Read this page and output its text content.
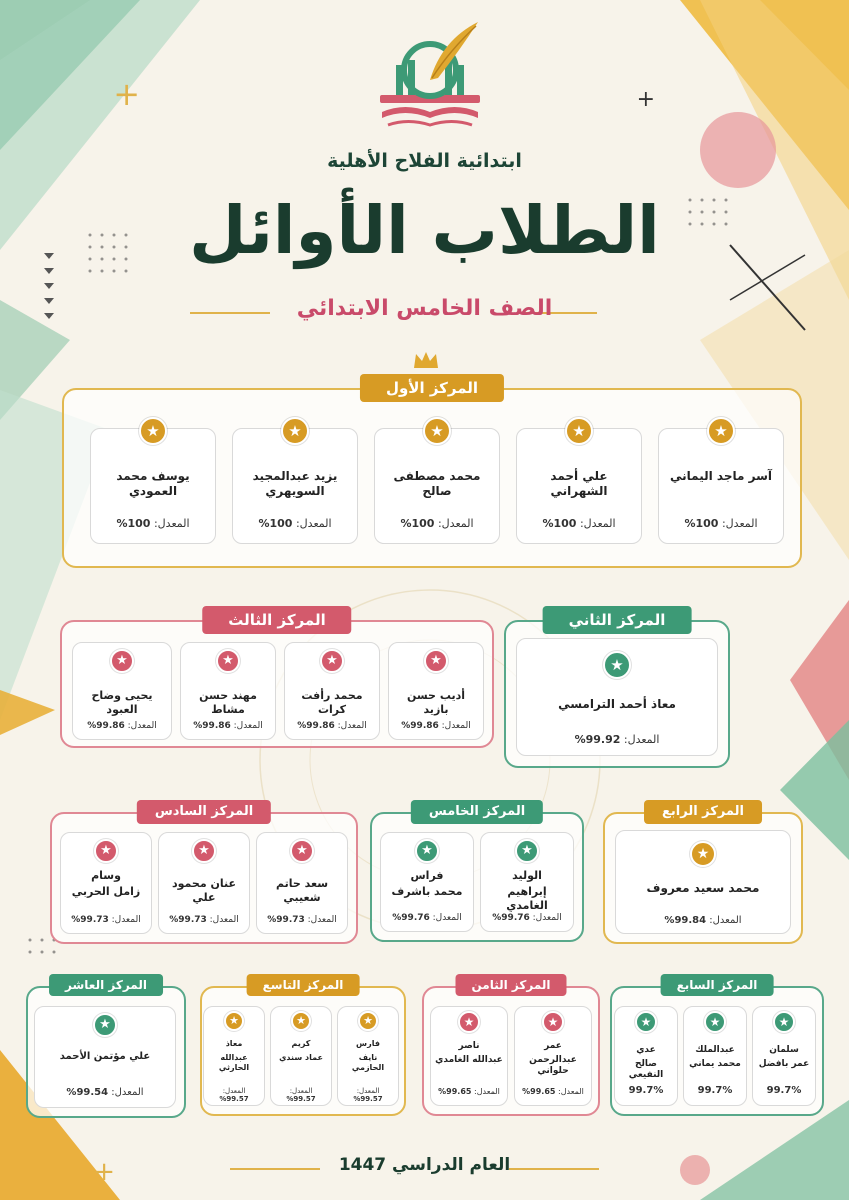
+
+
+
ابتدائية الفلاح الأهلية
الطلاب الأوائل
الصف الخامس الابتدائي
المركز الأول
★
آسر ماجد اليماني
المعدل: 100%
★
علي أحمد الشهراني
المعدل: 100%
★
محمد مصطفى صالح
المعدل: 100%
★
يزيد عبدالمجيد السويهري
المعدل: 100%
★
يوسف محمد العمودي
المعدل: 100%
المركز الثاني
★
معاذ أحمد الترامسي
المعدل: 99.92%
المركز الثالث
★
أديب حسن بازيد
المعدل: 99.86%
★
محمد رأفت كرات
المعدل: 99.86%
★
مهند حسن مشاط
المعدل: 99.86%
★
يحيى وضاح العبود
المعدل: 99.86%
المركز الرابع
★
محمد سعيد معروف
المعدل: 99.84%
المركز الخامس
★
الوليد
إبراهيم الغامدي
المعدل: 99.76%
★
فراس
محمد باشرف
المعدل: 99.76%
المركز السادس
★
سعد حاتم شعيبي
المعدل: 99.73%
★
عنان محمود علي
المعدل: 99.73%
★
وسام
زامل الحربي
المعدل: 99.73%
المركز السابع
★
سلمان
عمر بافضل
99.7%
★
عبدالملك
محمد يماني
99.7%
★
عدي
صالح النفيعي
99.7%
المركز الثامن
★
عمر
عبدالرحمن حلواني
المعدل: 99.65%
★
ناصر
عبدالله الغامدي
المعدل: 99.65%
المركز التاسع
★
فارس
نايف الحازمي
المعدل: 99.57%
★
كريم
عماد سندي
المعدل: 99.57%
★
معاذ
عبدالله الحارثي
المعدل: 99.57%
المركز العاشر
★
علي مؤتمن الأحمد
المعدل: 99.54%
العام الدراسي 1447
